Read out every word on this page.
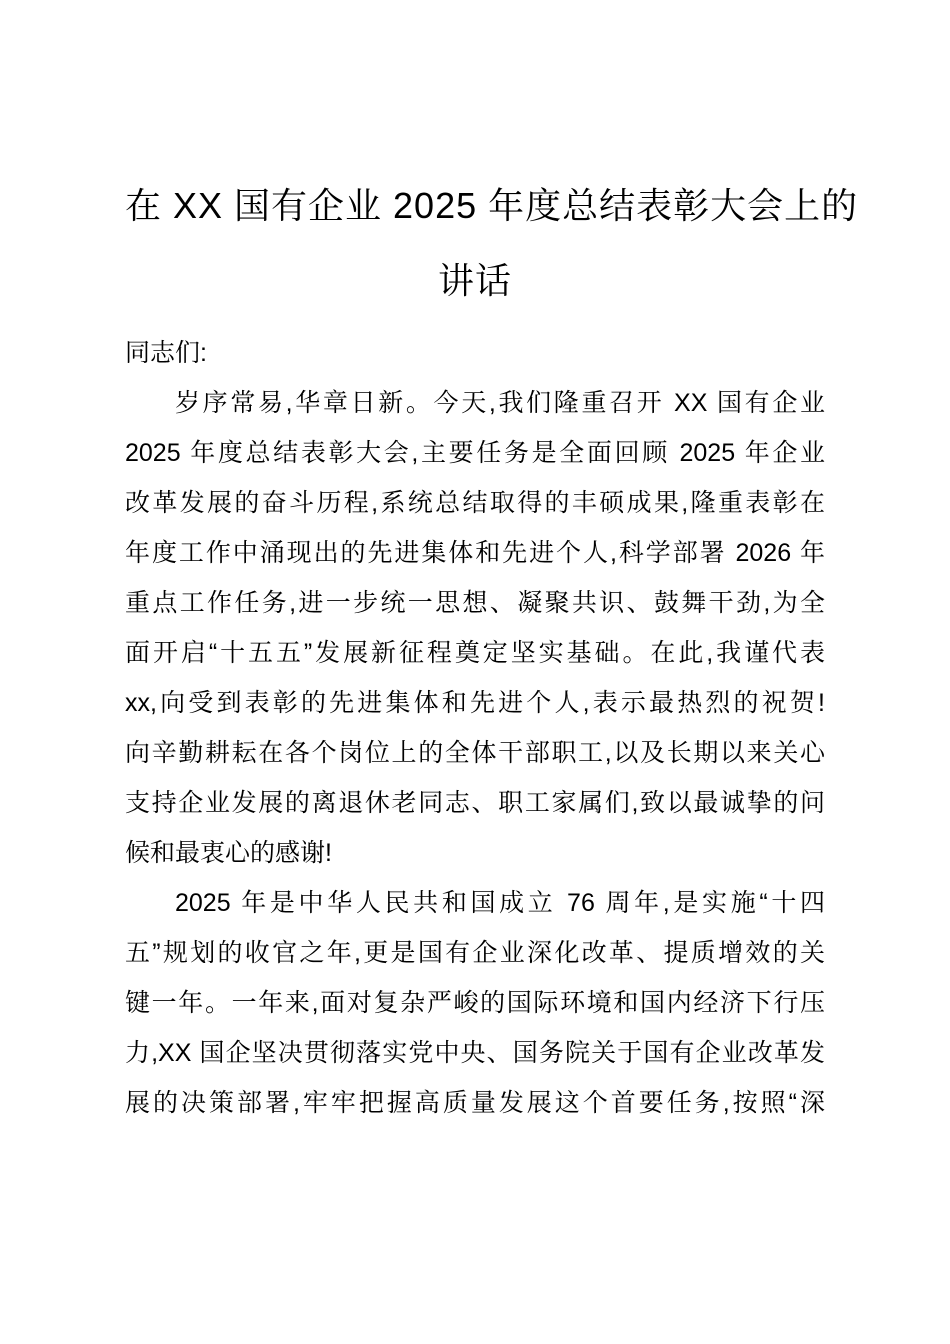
在 XX 国有企业 2025 年度总结表彰大会上的
讲话

同志们:

岁序常易,华章日新。今天,我们隆重召开 XX 国有企业
2025 年度总结表彰大会,主要任务是全面回顾 2025 年企业
改革发展的奋斗历程,系统总结取得的丰硕成果,隆重表彰在
年度工作中涌现出的先进集体和先进个人,科学部署 2026 年
重点工作任务,进一步统一思想、凝聚共识、鼓舞干劲,为全
面开启“十五五”发展新征程奠定坚实基础。在此,我谨代表
xx,向受到表彰的先进集体和先进个人,表示最热烈的祝贺!
向辛勤耕耘在各个岗位上的全体干部职工,以及长期以来关心
支持企业发展的离退休老同志、职工家属们,致以最诚挚的问
候和最衷心的感谢!

2025 年是中华人民共和国成立 76 周年,是实施“十四
五”规划的收官之年,更是国有企业深化改革、提质增效的关
键一年。一年来,面对复杂严峻的国际环境和国内经济下行压
力,XX 国企坚决贯彻落实党中央、国务院关于国有企业改革发
展的决策部署,牢牢把握高质量发展这个首要任务,按照“深
